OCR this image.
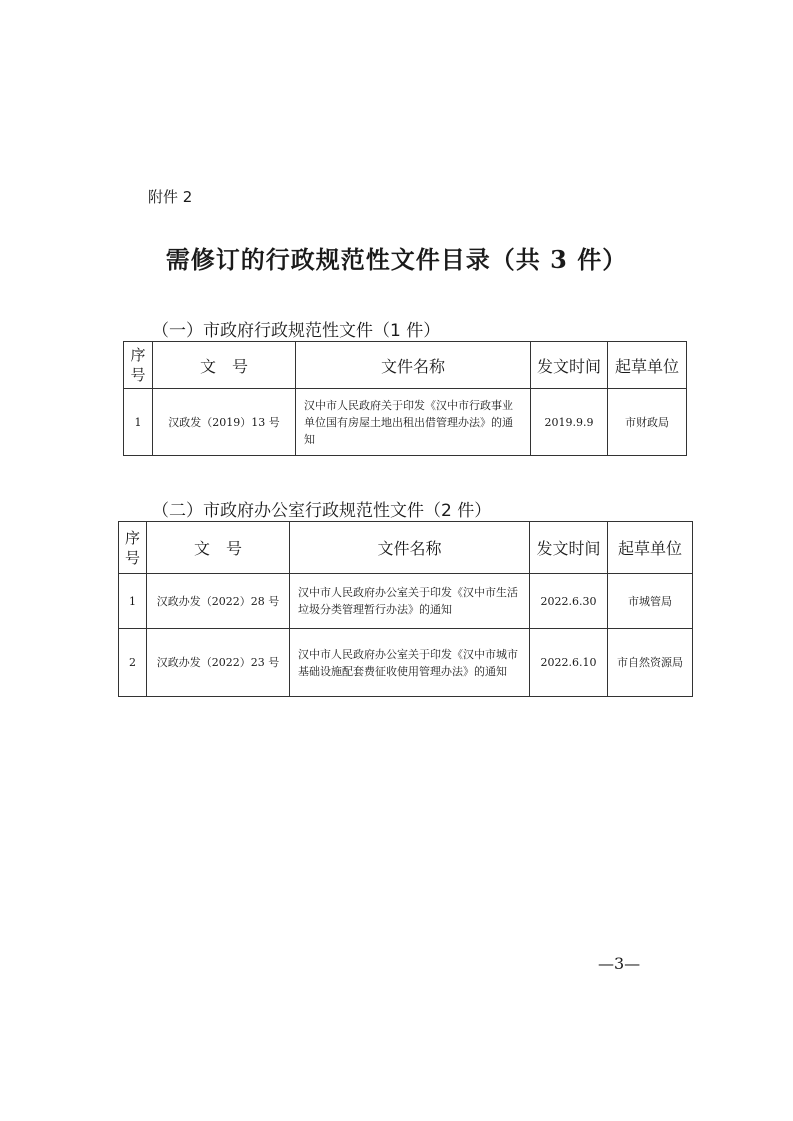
附件 2
需修订的行政规范性文件目录（共 3 件）
（一）市政府行政规范性文件（1 件）
序号	文　号	文件名称	发文时间	起草单位
1	汉政发（2019）13 号	汉中市人民政府关于印发《汉中市行政事业单位国有房屋土地出租出借管理办法》的通知	2019.9.9	市财政局
（二）市政府办公室行政规范性文件（2 件）
序号	文　号	文件名称	发文时间	起草单位
1	汉政办发（2022）28 号	汉中市人民政府办公室关于印发《汉中市生活垃圾分类管理暂行办法》的通知	2022.6.30	市城管局
2	汉政办发（2022）23 号	汉中市人民政府办公室关于印发《汉中市城市基础设施配套费征收使用管理办法》的通知	2022.6.10	市自然资源局
—3—
